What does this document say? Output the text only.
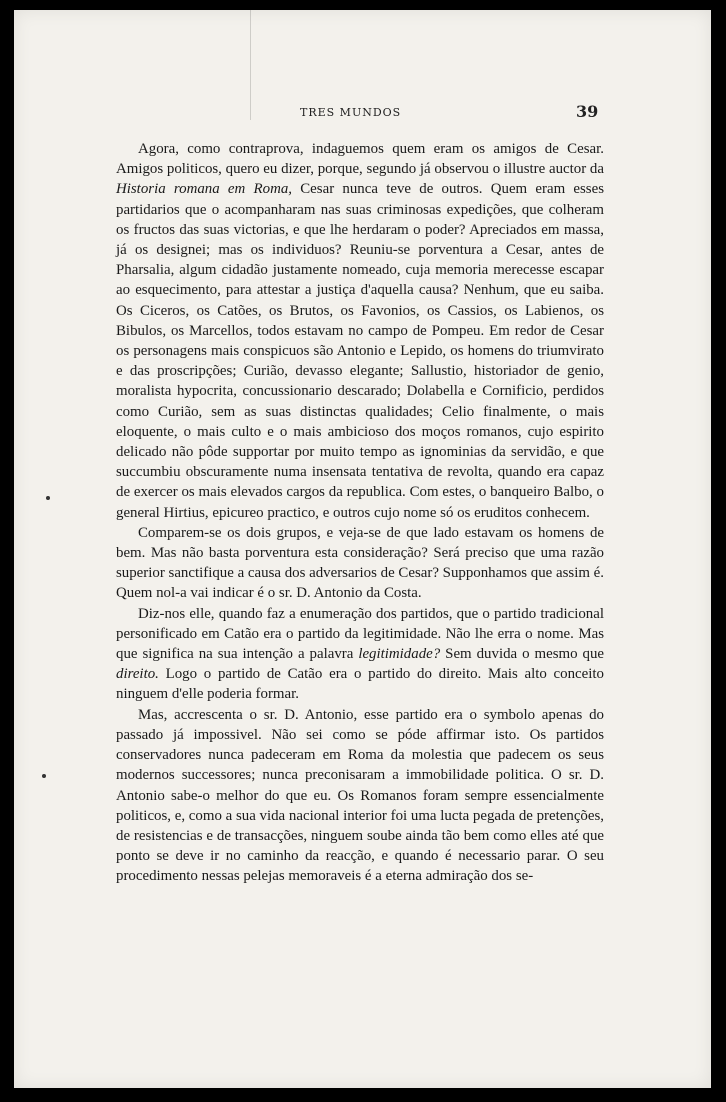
TRES MUNDOS	39

Agora, como contraprova, indaguemos quem eram os amigos de Cesar. Amigos politicos, quero eu dizer, porque, segundo já observou o illustre auctor da Historia romana em Roma, Cesar nunca teve de outros. Quem eram esses partidarios que o acompanharam nas suas criminosas expedições, que colheram os fructos das suas victorias, e que lhe herdaram o poder? Apreciados em massa, já os designei; mas os individuos? Reuniu-se porventura a Cesar, antes de Pharsalia, algum cidadão justamente nomeado, cuja memoria merecesse escapar ao esquecimento, para attestar a justiça d'aquella causa? Nenhum, que eu saiba. Os Ciceros, os Catões, os Brutos, os Favonios, os Cassios, os Labienos, os Bibulos, os Marcellos, todos estavam no campo de Pompeu. Em redor de Cesar os personagens mais conspicuos são Antonio e Lepido, os homens do triumvirato e das proscripções; Curião, devasso elegante; Sallustio, historiador de genio, moralista hypocrita, concussionario descarado; Dolabella e Cornificio, perdidos como Curião, sem as suas distinctas qualidades; Celio finalmente, o mais eloquente, o mais culto e o mais ambicioso dos moços romanos, cujo espirito delicado não pôde supportar por muito tempo as ignominias da servidão, e que succumbiu obscuramente numa insensata tentativa de revolta, quando era capaz de exercer os mais elevados cargos da republica. Com estes, o banqueiro Balbo, o general Hirtius, epicureo practico, e outros cujo nome só os eruditos conhecem.

Comparem-se os dois grupos, e veja-se de que lado estavam os homens de bem. Mas não basta porventura esta consideração? Será preciso que uma razão superior sanctifique a causa dos adversarios de Cesar? Supponhamos que assim é. Quem nol-a vai indicar é o sr. D. Antonio da Costa.

Diz-nos elle, quando faz a enumeração dos partidos, que o partido tradicional personificado em Catão era o partido da legitimidade. Não lhe erra o nome. Mas que significa na sua intenção a palavra legitimidade? Sem duvida o mesmo que direito. Logo o partido de Catão era o partido do direito. Mais alto conceito ninguem d'elle poderia formar.

Mas, accrescenta o sr. D. Antonio, esse partido era o symbolo apenas do passado já impossivel. Não sei como se póde affirmar isto. Os partidos conservadores nunca padeceram em Roma da molestia que padecem os seus modernos successores; nunca preconisaram a immobilidade politica. O sr. D. Antonio sabe-o melhor do que eu. Os Romanos foram sempre essencialmente politicos, e, como a sua vida nacional interior foi uma lucta pegada de pretenções, de resistencias e de transacções, ninguem soube ainda tão bem como elles até que ponto se deve ir no caminho da reacção, e quando é necessario parar. O seu procedimento nessas pelejas memoraveis é a eterna admiração dos se-
